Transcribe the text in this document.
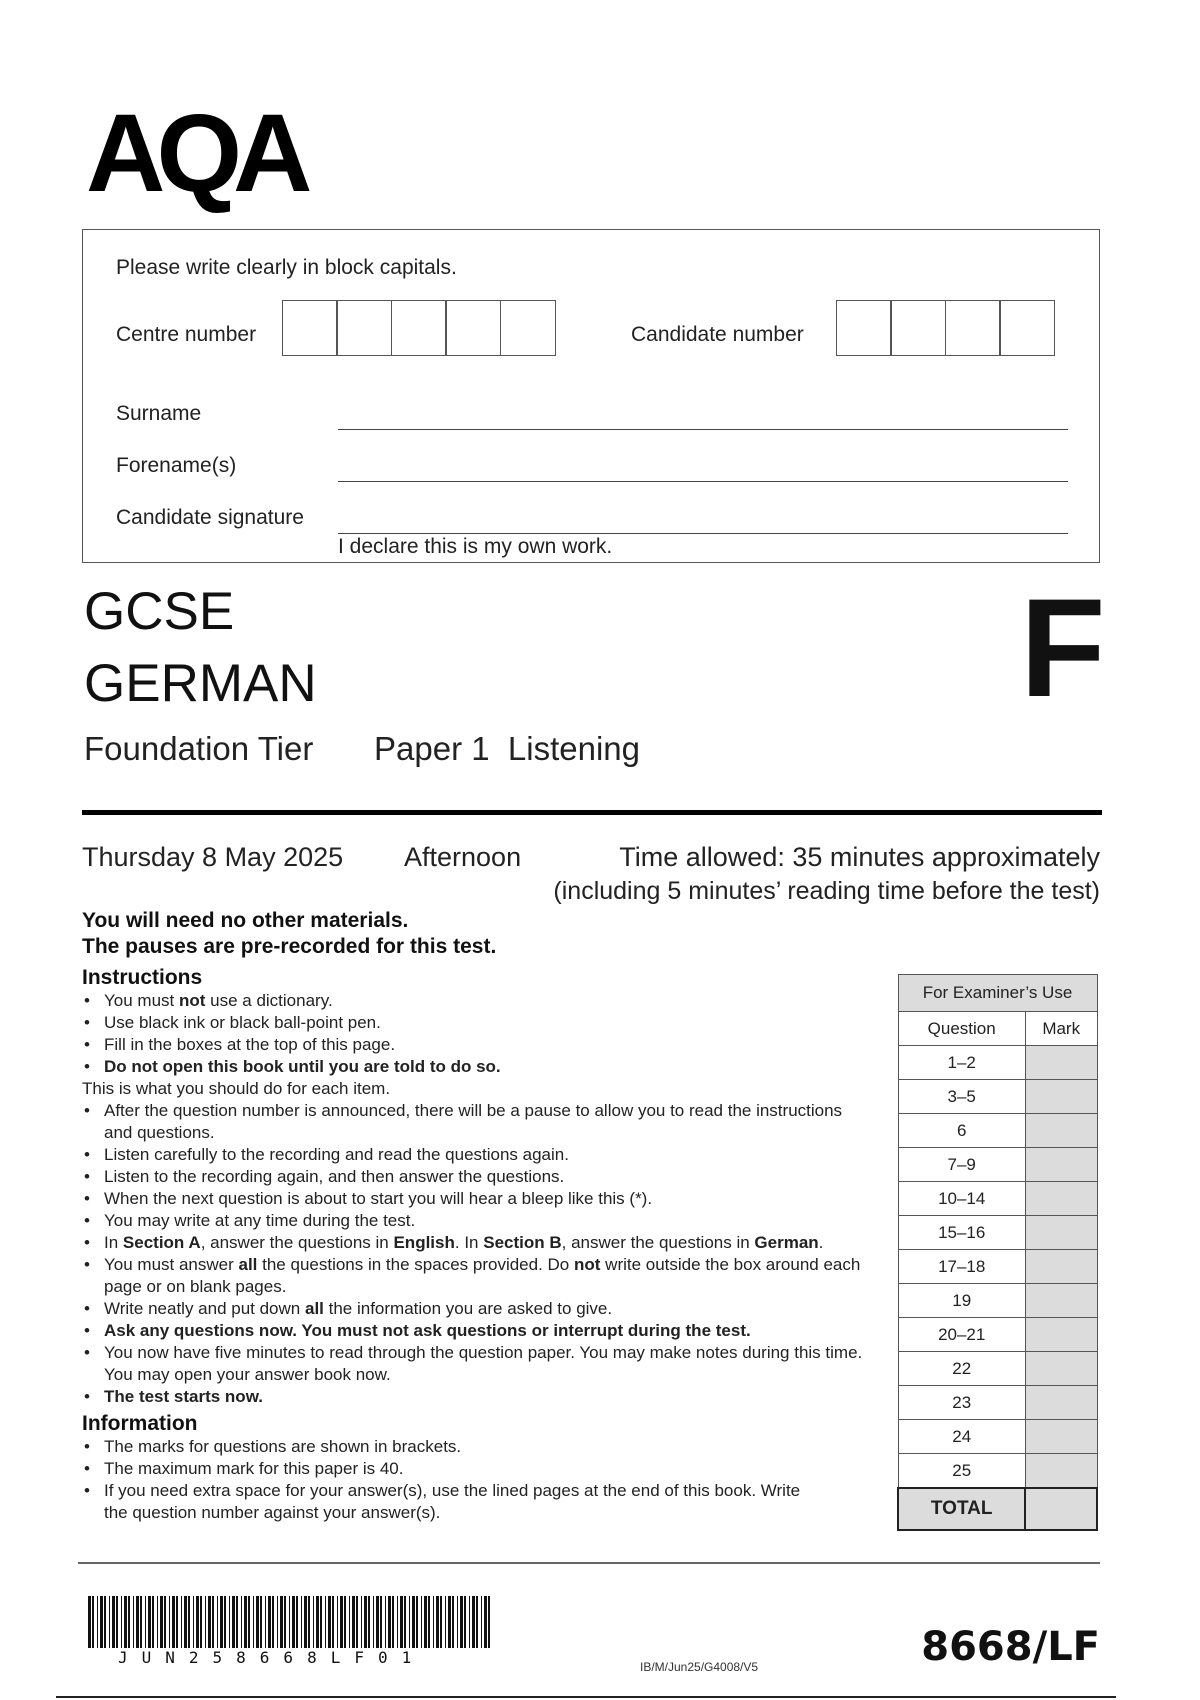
AQA
Please write clearly in block capitals.
Centre number	Candidate number
Surname
Forename(s)
Candidate signature
I declare this is my own work.
GCSE
GERMAN	F
Foundation Tier Paper 1  Listening
Thursday 8 May 2025 Afternoon	Time allowed: 35 minutes approximately
(including 5 minutes’ reading time before the test)
You will need no other materials.
The pauses are pre-recorded for this test.
Instructions
• You must not use a dictionary.
• Use black ink or black ball-point pen.
• Fill in the boxes at the top of this page.
• Do not open this book until you are told to do so.
This is what you should do for each item.
• After the question number is announced, there will be a pause to allow you to read the instructions and questions.
• Listen carefully to the recording and read the questions again.
• Listen to the recording again, and then answer the questions.
• When the next question is about to start you will hear a bleep like this (*).
• You may write at any time during the test.
• In Section A, answer the questions in English. In Section B, answer the questions in German.
• You must answer all the questions in the spaces provided. Do not write outside the box around each page or on blank pages.
• Write neatly and put down all the information you are asked to give.
• Ask any questions now. You must not ask questions or interrupt during the test.
• You now have five minutes to read through the question paper. You may make notes during this time. You may open your answer book now.
• The test starts now.
Information
• The marks for questions are shown in brackets.
• The maximum mark for this paper is 40.
• If you need extra space for your answer(s), use the lined pages at the end of this book. Write the question number against your answer(s).
For Examiner’s Use	
Question	Mark
1–2	
3–5	
6	
7–9	
10–14	
15–16	
17–18	
19	
20–21	
22	
23	
24	
25	
TOTAL	
JUN258668LF01	IB/M/Jun25/G4008/V5	8668/LF
